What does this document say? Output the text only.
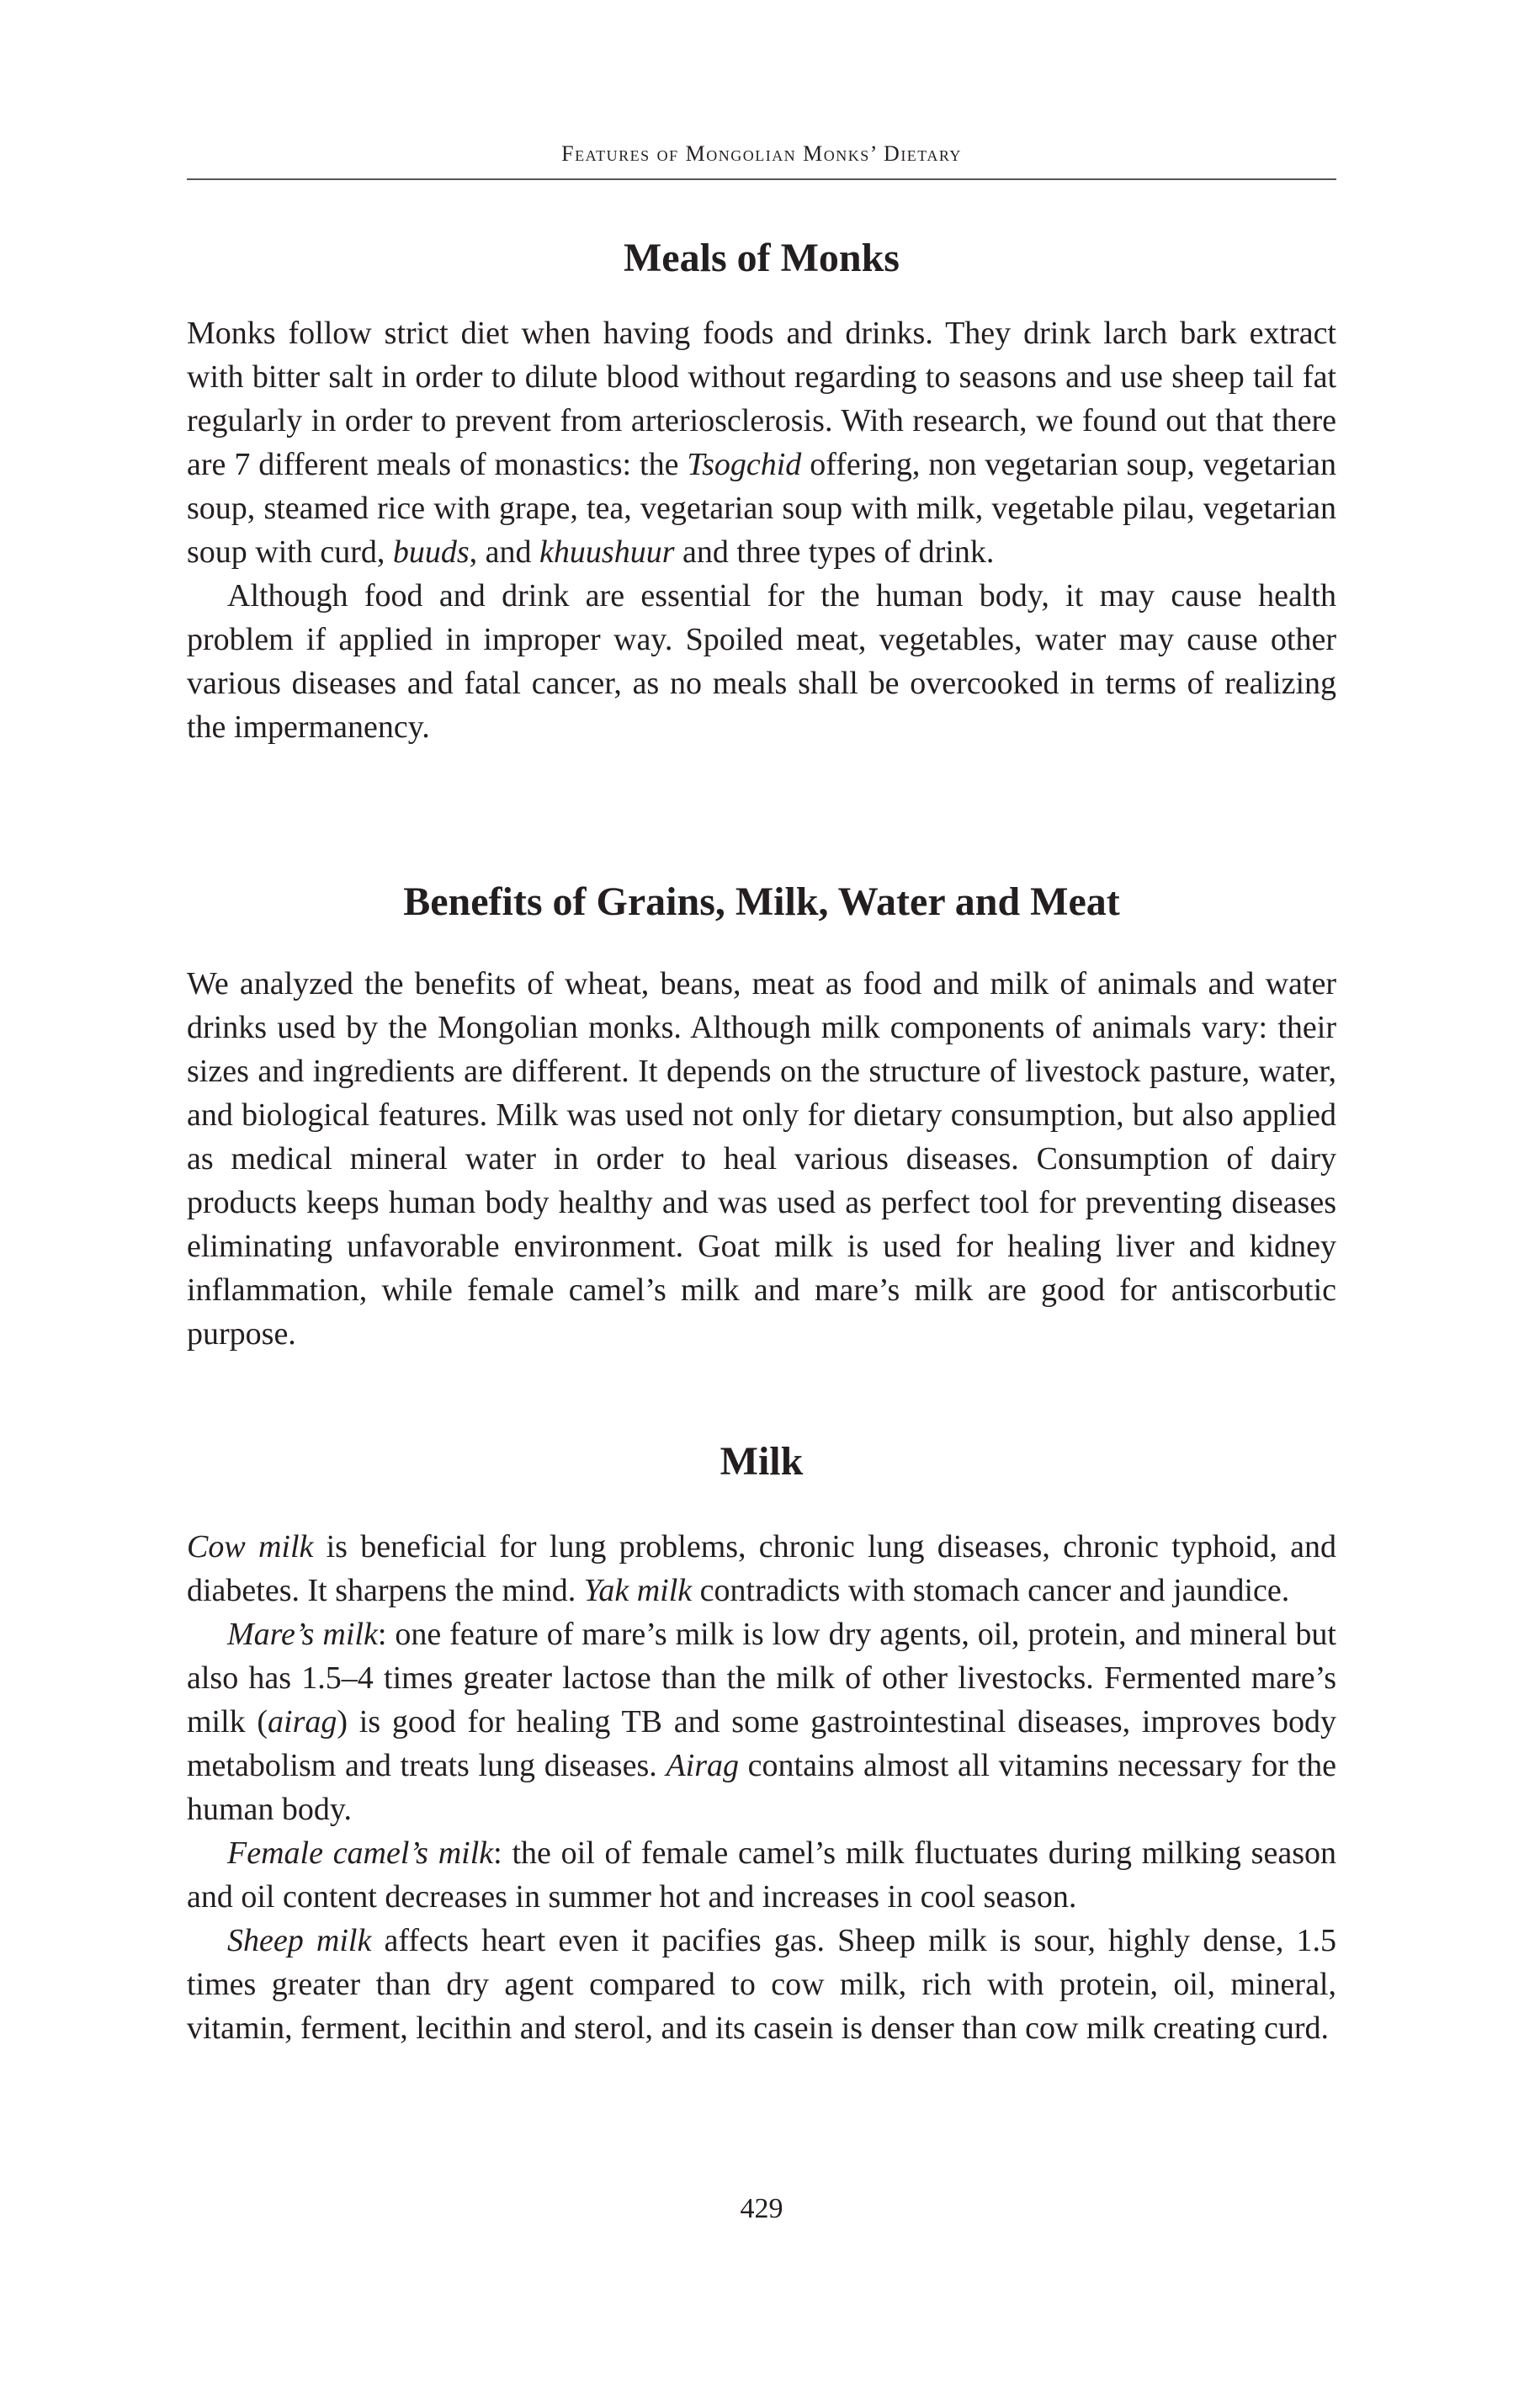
Features of Mongolian Monks’ Dietary
Meals of Monks

Monks follow strict diet when having foods and drinks. They drink larch bark extract with bitter salt in order to dilute blood without regarding to seasons and use sheep tail fat regularly in order to prevent from arteriosclerosis. With research, we found out that there are 7 different meals of monastics: the Tsogchid offering, non vegetarian soup, vegetarian soup, steamed rice with grape, tea, vegetarian soup with milk, vegetable pilau, vegetarian soup with curd, buuds, and khuushuur and three types of drink.

Although food and drink are essential for the human body, it may cause health problem if applied in improper way. Spoiled meat, vegetables, water may cause other various diseases and fatal cancer, as no meals shall be overcooked in terms of realizing the impermanency.

Benefits of Grains, Milk, Water and Meat

We analyzed the benefits of wheat, beans, meat as food and milk of animals and water drinks used by the Mongolian monks. Although milk components of animals vary: their sizes and ingredients are different. It depends on the structure of livestock pasture, water, and biological features. Milk was used not only for dietary consumption, but also applied as medical mineral water in order to heal various diseases. Consumption of dairy products keeps human body healthy and was used as perfect tool for preventing diseases eliminating unfavorable environment. Goat milk is used for healing liver and kidney inflammation, while female camel’s milk and mare’s milk are good for antiscorbutic purpose.

Milk

Cow milk is beneficial for lung problems, chronic lung diseases, chronic typhoid, and diabetes. It sharpens the mind. Yak milk contradicts with stomach cancer and jaundice.

Mare’s milk: one feature of mare’s milk is low dry agents, oil, protein, and mineral but also has 1.5–4 times greater lactose than the milk of other livestocks. Fermented mare’s milk (airag) is good for healing TB and some gastrointestinal diseases, improves body metabolism and treats lung diseases. Airag contains almost all vitamins necessary for the human body.

Female camel’s milk: the oil of female camel’s milk fluctuates during milking season and oil content decreases in summer hot and increases in cool season.

Sheep milk affects heart even it pacifies gas. Sheep milk is sour, highly dense, 1.5 times greater than dry agent compared to cow milk, rich with protein, oil, mineral, vitamin, ferment, lecithin and sterol, and its casein is denser than cow milk creating curd.

429
